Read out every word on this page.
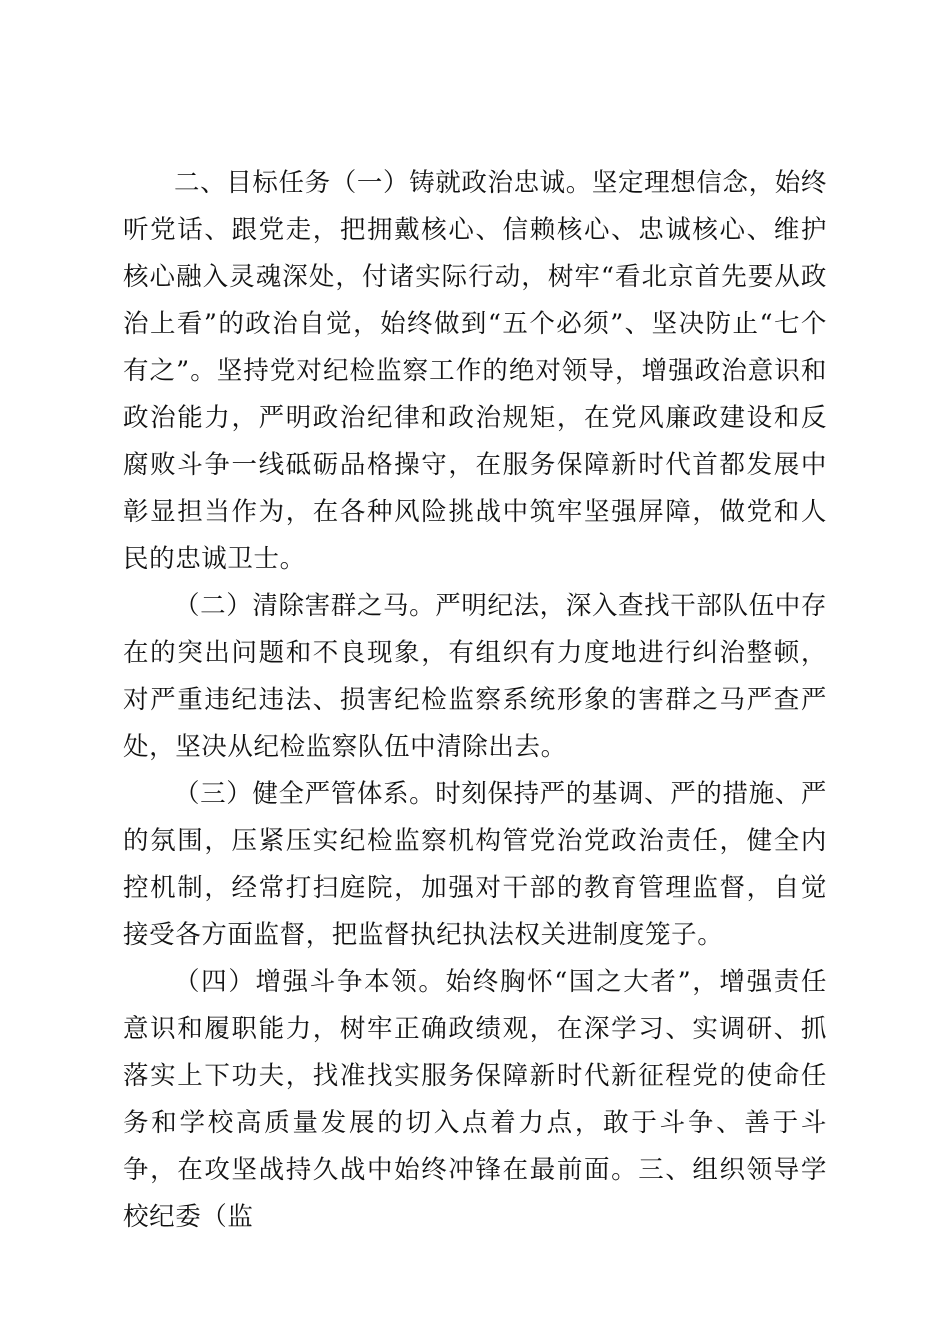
二、目标任务（一）铸就政治忠诚。坚定理想信念，始终听党话、跟党走，把拥戴核心、信赖核心、忠诚核心、维护核心融入灵魂深处，付诸实际行动，树牢“看北京首先要从政治上看”的政治自觉，始终做到“五个必须”、坚决防止“七个有之”。坚持党对纪检监察工作的绝对领导，增强政治意识和政治能力，严明政治纪律和政治规矩，在党风廉政建设和反腐败斗争一线砥砺品格操守，在服务保障新时代首都发展中彰显担当作为，在各种风险挑战中筑牢坚强屏障，做党和人民的忠诚卫士。

（二）清除害群之马。严明纪法，深入查找干部队伍中存在的突出问题和不良现象，有组织有力度地进行纠治整顿，对严重违纪违法、损害纪检监察系统形象的害群之马严查严处，坚决从纪检监察队伍中清除出去。

（三）健全严管体系。时刻保持严的基调、严的措施、严的氛围，压紧压实纪检监察机构管党治党政治责任，健全内控机制，经常打扫庭院，加强对干部的教育管理监督，自觉接受各方面监督，把监督执纪执法权关进制度笼子。

（四）增强斗争本领。始终胸怀“国之大者”，增强责任意识和履职能力，树牢正确政绩观，在深学习、实调研、抓落实上下功夫，找准找实服务保障新时代新征程党的使命任务和学校高质量发展的切入点着力点，敢于斗争、善于斗争，在攻坚战持久战中始终冲锋在最前面。三、组织领导学校纪委（监
